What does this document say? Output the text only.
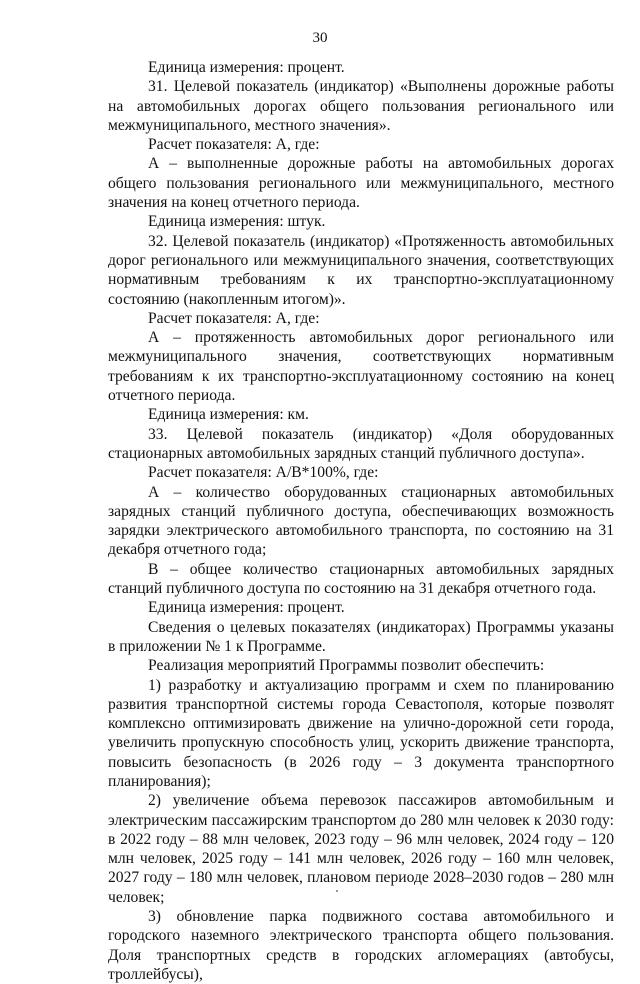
30

Единица измерения: процент.

31. Целевой показатель (индикатор) «Выполнены дорожные работы на автомобильных дорогах общего пользования регионального или межмуниципального, местного значения».

Расчет показателя: А, где:

А – выполненные дорожные работы на автомобильных дорогах общего пользования регионального или межмуниципального, местного значения на конец отчетного периода.

Единица измерения: штук.

32. Целевой показатель (индикатор) «Протяженность автомобильных дорог регионального или межмуниципального значения, соответствующих нормативным требованиям к их транспортно-эксплуатационному состоянию (накопленным итогом)».

Расчет показателя: А, где:

А – протяженность автомобильных дорог регионального или межмуниципального значения, соответствующих нормативным требованиям к их транспортно-эксплуатационному состоянию на конец отчетного периода.

Единица измерения: км.

33. Целевой показатель (индикатор) «Доля оборудованных стационарных автомобильных зарядных станций публичного доступа».

Расчет показателя: А/В*100%, где:

А – количество оборудованных стационарных автомобильных зарядных станций публичного доступа, обеспечивающих возможность зарядки электрического автомобильного транспорта, по состоянию на 31 декабря отчетного года;

В – общее количество стационарных автомобильных зарядных станций публичного доступа по состоянию на 31 декабря отчетного года.

Единица измерения: процент.

Сведения о целевых показателях (индикаторах) Программы указаны в приложении № 1 к Программе.

Реализация мероприятий Программы позволит обеспечить:

1) разработку и актуализацию программ и схем по планированию развития транспортной системы города Севастополя, которые позволят комплексно оптимизировать движение на улично-дорожной сети города, увеличить пропускную способность улиц, ускорить движение транспорта, повысить безопасность (в 2026 году – 3 документа транспортного планирования);

2) увеличение объема перевозок пассажиров автомобильным и электрическим пассажирским транспортом до 280 млн человек к 2030 году: в 2022 году – 88 млн человек, 2023 году – 96 млн человек, 2024 году – 120 млн человек, 2025 году – 141 млн человек, 2026 году – 160 млн человек, 2027 году – 180 млн человек, плановом периоде 2028–2030 годов – 280 млн человек;

3) обновление парка подвижного состава автомобильного и городского наземного электрического транспорта общего пользования. Доля транспортных средств в городских агломерациях (автобусы, троллейбусы),
